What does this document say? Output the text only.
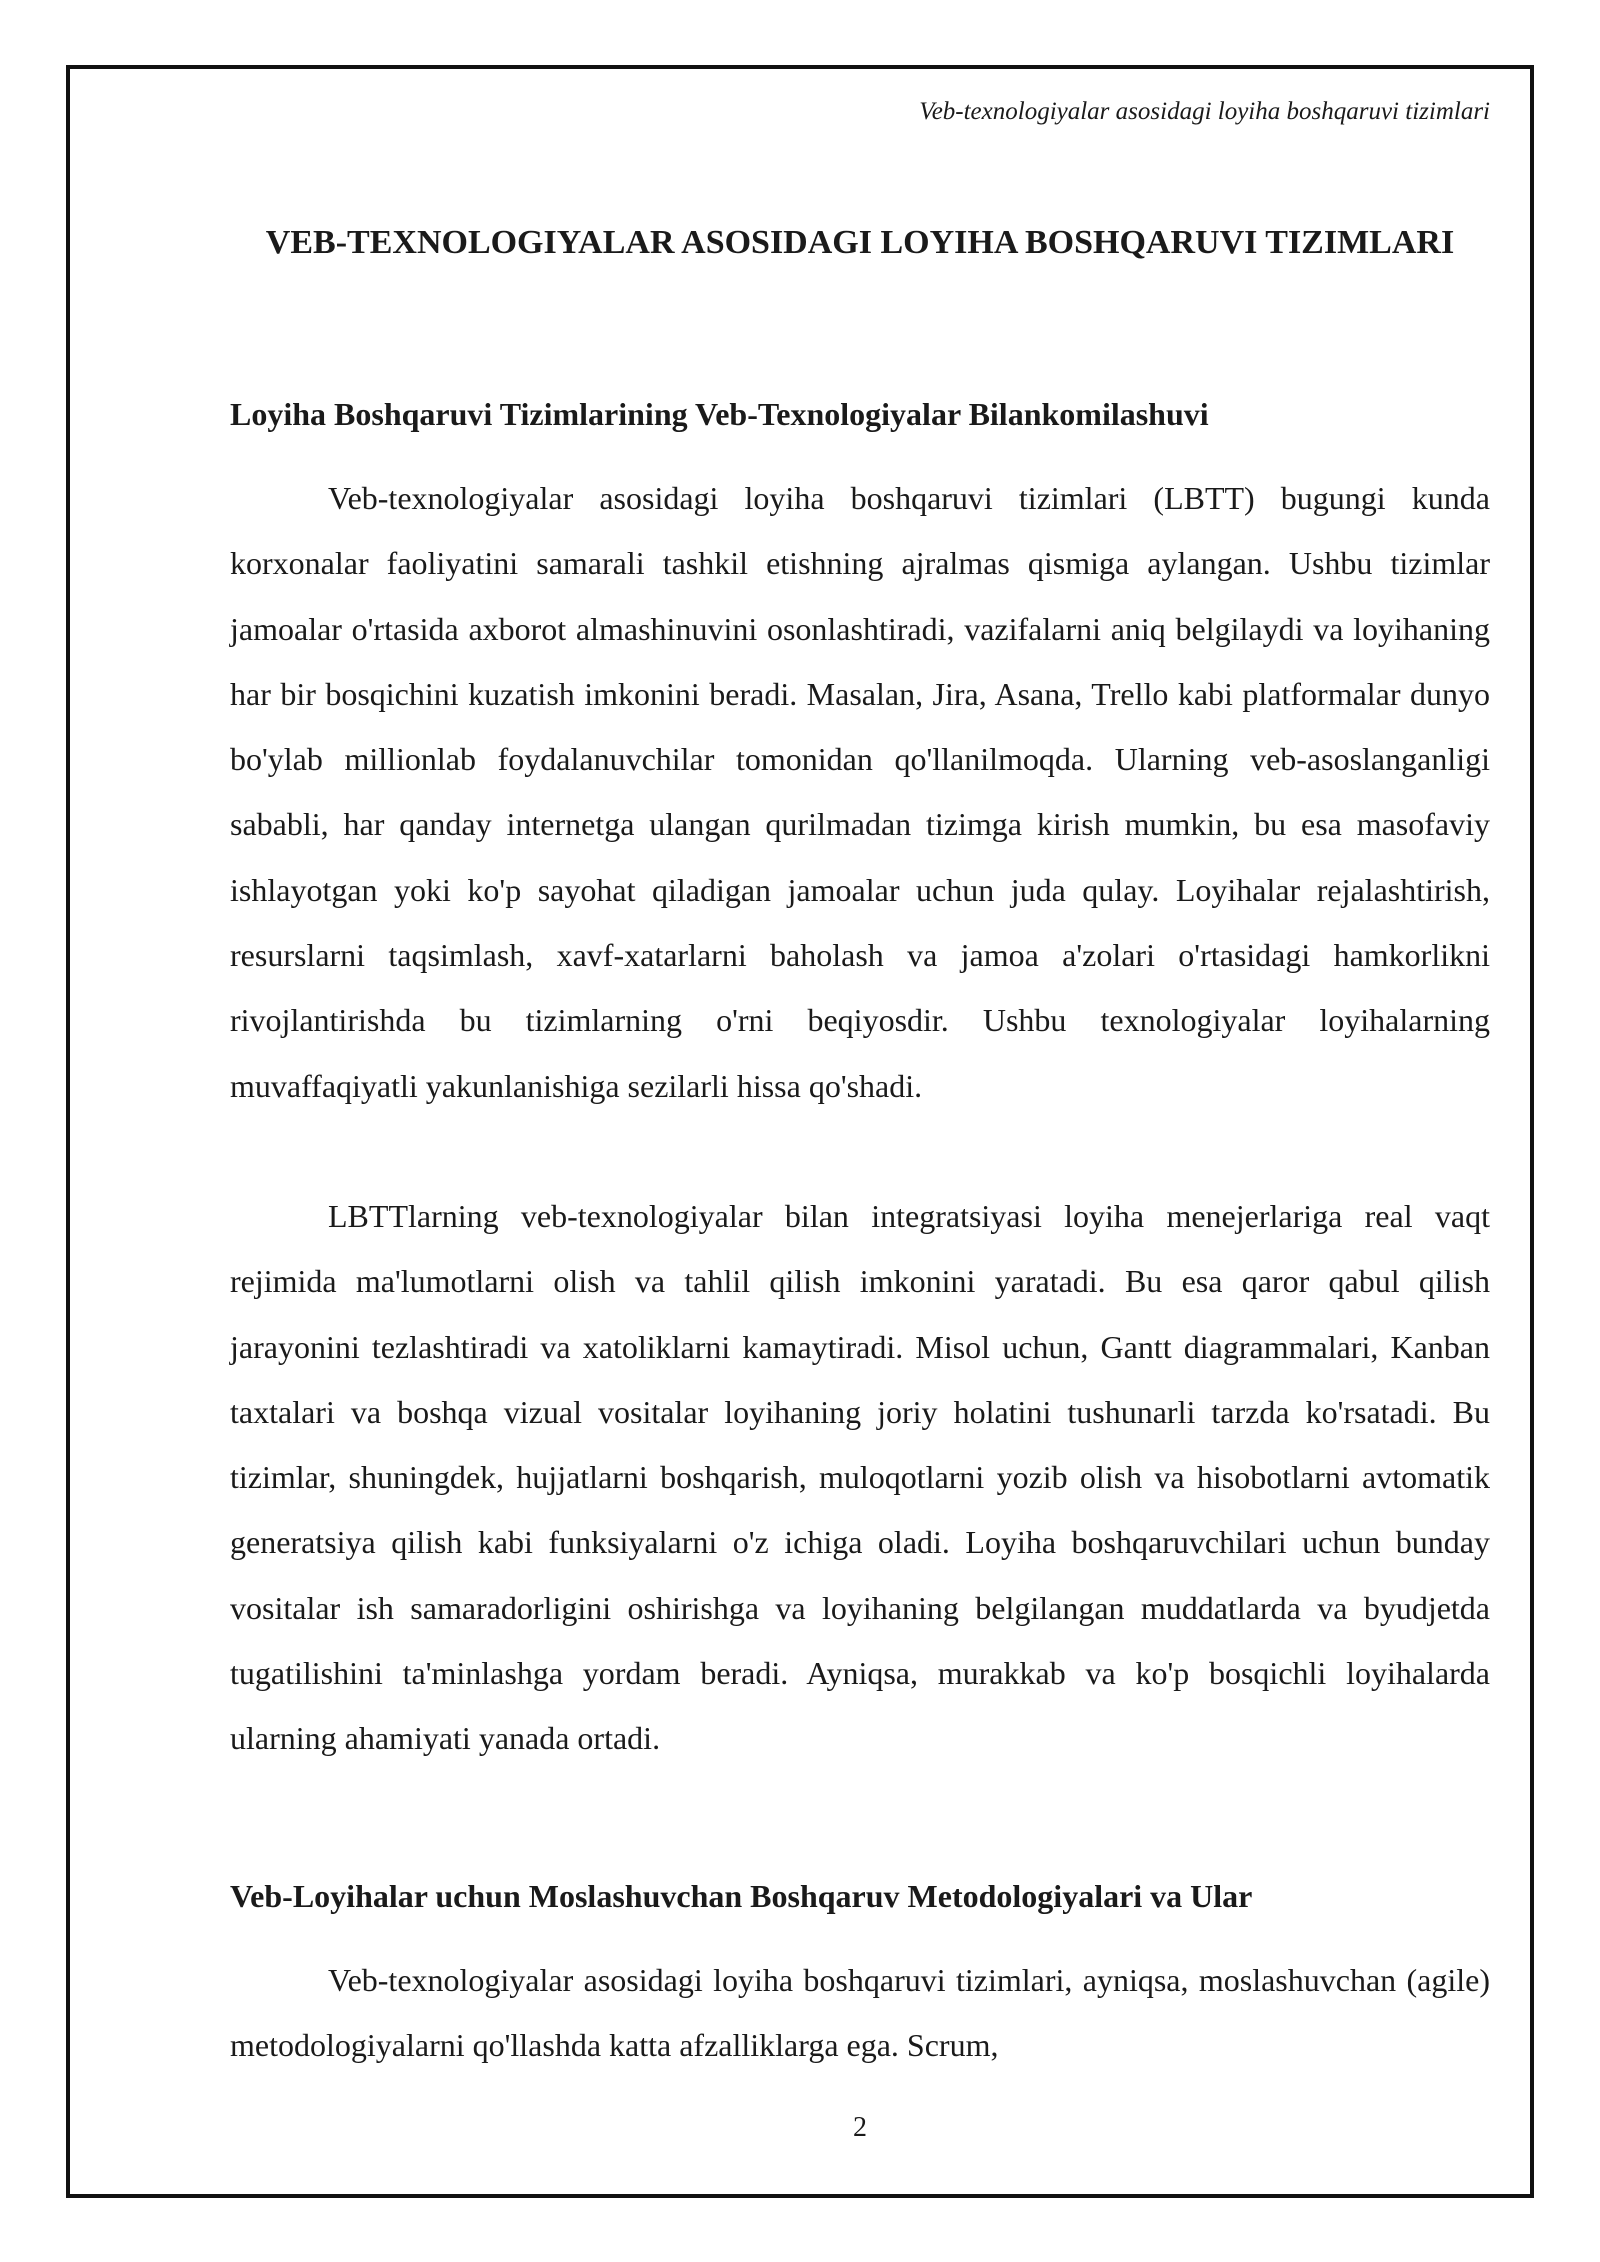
Veb-texnologiyalar asosidagi loyiha boshqaruvi tizimlari
VEB-TEXNOLOGIYALAR ASOSIDAGI LOYIHA BOSHQARUVI TIZIMLARI
Loyiha Boshqaruvi Tizimlarining Veb-Texnologiyalar Bilankomilashuvi

Veb-texnologiyalar asosidagi loyiha boshqaruvi tizimlari (LBTT) bugungi kunda korxonalar faoliyatini samarali tashkil etishning ajralmas qismiga aylangan. Ushbu tizimlar jamoalar o'rtasida axborot almashinuvini osonlashtiradi, vazifalarni aniq belgilaydi va loyihaning har bir bosqichini kuzatish imkonini beradi. Masalan, Jira, Asana, Trello kabi platformalar dunyo bo'ylab millionlab foydalanuvchilar tomonidan qo'llanilmoqda. Ularning veb-asoslanganligi sababli, har qanday internetga ulangan qurilmadan tizimga kirish mumkin, bu esa masofaviy ishlayotgan yoki ko'p sayohat qiladigan jamoalar uchun juda qulay. Loyihalar rejalashtirish, resurslarni taqsimlash, xavf-xatarlarni baholash va jamoa a'zolari o'rtasidagi hamkorlikni rivojlantirishda bu tizimlarning o'rni beqiyosdir. Ushbu texnologiyalar loyihalarning muvaffaqiyatli yakunlanishiga sezilarli hissa qo'shadi.

LBTTlarning veb-texnologiyalar bilan integratsiyasi loyiha menejerlariga real vaqt rejimida ma'lumotlarni olish va tahlil qilish imkonini yaratadi. Bu esa qaror qabul qilish jarayonini tezlashtiradi va xatoliklarni kamaytiradi. Misol uchun, Gantt diagrammalari, Kanban taxtalari va boshqa vizual vositalar loyihaning joriy holatini tushunarli tarzda ko'rsatadi. Bu tizimlar, shuningdek, hujjatlarni boshqarish, muloqotlarni yozib olish va hisobotlarni avtomatik generatsiya qilish kabi funksiyalarni o'z ichiga oladi. Loyiha boshqaruvchilari uchun bunday vositalar ish samaradorligini oshirishga va loyihaning belgilangan muddatlarda va byudjetda tugatilishini ta'minlashga yordam beradi. Ayniqsa, murakkab va ko'p bosqichli loyihalarda ularning ahamiyati yanada ortadi.

Veb-Loyihalar uchun Moslashuvchan Boshqaruv Metodologiyalari va Ular

Veb-texnologiyalar asosidagi loyiha boshqaruvi tizimlari, ayniqsa, moslashuvchan (agile) metodologiyalarni qo'llashda katta afzalliklarga ega. Scrum,

2
